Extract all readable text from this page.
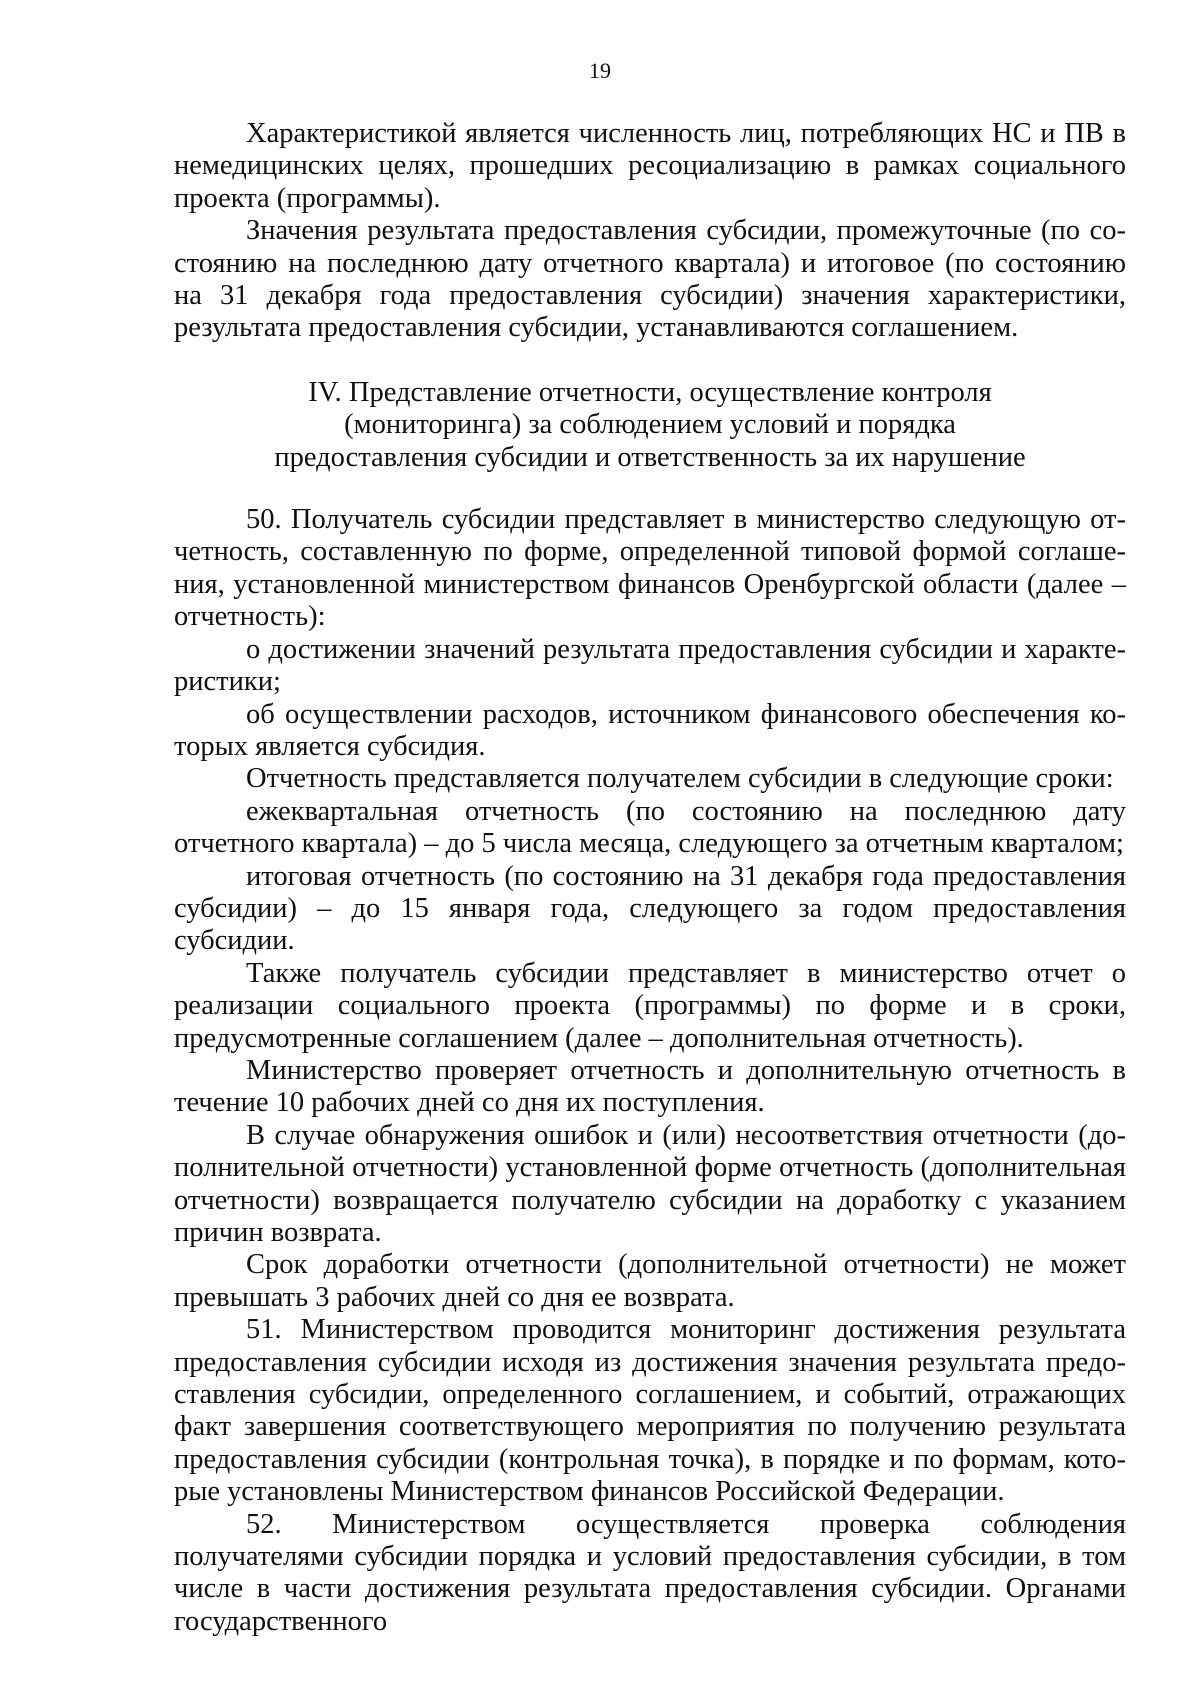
19

Характеристикой является численность лиц, потребляющих НС и ПВ в немедицинских целях, прошедших ресоциализацию в рамках социального проекта (программы).

Значения результата предоставления субсидии, промежуточные (по состоянию на последнюю дату отчетного квартала) и итоговое (по состоянию на 31 декабря года предоставления субсидии) значения характеристики, результата предоставления субсидии, устанавливаются соглашением.

IV. Представление отчетности, осуществление контроля
(мониторинга) за соблюдением условий и порядка
предоставления субсидии и ответственность за их нарушение

50. Получатель субсидии представляет в министерство следующую отчетность, составленную по форме, определенной типовой формой соглашения, установленной министерством финансов Оренбургской области (далее – отчетность):

о достижении значений результата предоставления субсидии и характеристики;

об осуществлении расходов, источником финансового обеспечения которых является субсидия.

Отчетность представляется получателем субсидии в следующие сроки:

ежеквартальная отчетность (по состоянию на последнюю дату отчетного квартала) – до 5 числа месяца, следующего за отчетным кварталом;

итоговая отчетность (по состоянию на 31 декабря года предоставления субсидии) – до 15 января года, следующего за годом предоставления субсидии.

Также получатель субсидии представляет в министерство отчет о реализации социального проекта (программы) по форме и в сроки, предусмотренные соглашением (далее – дополнительная отчетность).

Министерство проверяет отчетность и дополнительную отчетность в течение 10 рабочих дней со дня их поступления.

В случае обнаружения ошибок и (или) несоответствия отчетности (дополнительной отчетности) установленной форме отчетность (дополнительная отчетности) возвращается получателю субсидии на доработку с указанием причин возврата.

Срок доработки отчетности (дополнительной отчетности) не может превышать 3 рабочих дней со дня ее возврата.

51. Министерством проводится мониторинг достижения результата предоставления субсидии исходя из достижения значения результата предоставления субсидии, определенного соглашением, и событий, отражающих факт завершения соответствующего мероприятия по получению результата предоставления субсидии (контрольная точка), в порядке и по формам, которые установлены Министерством финансов Российской Федерации.

52. Министерством осуществляется проверка соблюдения получателями субсидии порядка и условий предоставления субсидии, в том числе в части достижения результата предоставления субсидии. Органами государственного
